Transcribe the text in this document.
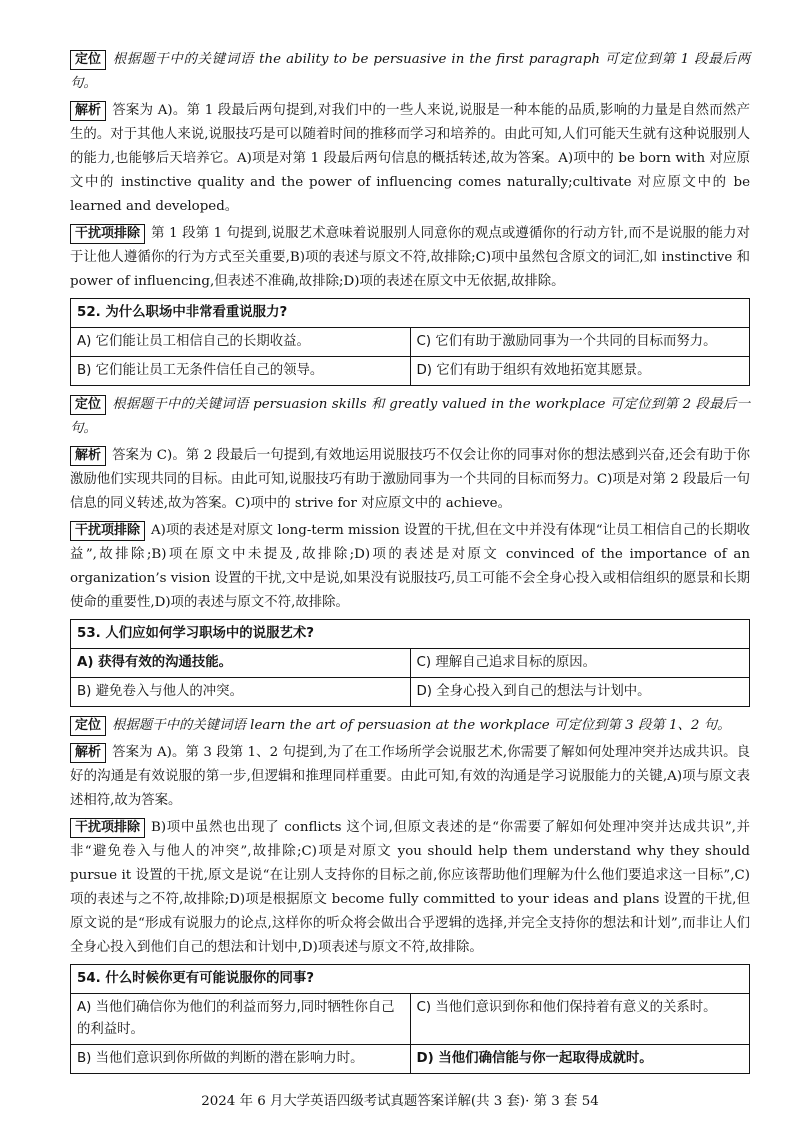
定位 根据题干中的关键词语 the ability to be persuasive in the first paragraph 可定位到第 1 段最后两句。

解析 答案为 A)。第 1 段最后两句提到,对我们中的一些人来说,说服是一种本能的品质,影响的力量是自然而然产生的。对于其他人来说,说服技巧是可以随着时间的推移而学习和培养的。由此可知,人们可能天生就有这种说服别人的能力,也能够后天培养它。A)项是对第 1 段最后两句信息的概括转述,故为答案。A)项中的 be born with 对应原文中的 instinctive quality and the power of influencing comes naturally;cultivate 对应原文中的 be learned and developed。

干扰项排除 第 1 段第 1 句提到,说服艺术意味着说服别人同意你的观点或遵循你的行动方针,而不是说服的能力对于让他人遵循你的行为方式至关重要,B)项的表述与原文不符,故排除;C)项中虽然包含原文的词汇,如 instinctive 和 power of influencing,但表述不准确,故排除;D)项的表述在原文中无依据,故排除。

52. 为什么职场中非常看重说服力?	
A) 它们能让员工相信自己的长期收益。	C) 它们有助于激励同事为一个共同的目标而努力。
B) 它们能让员工无条件信任自己的领导。	D) 它们有助于组织有效地拓宽其愿景。

定位 根据题干中的关键词语 persuasion skills 和 greatly valued in the workplace 可定位到第 2 段最后一句。

解析 答案为 C)。第 2 段最后一句提到,有效地运用说服技巧不仅会让你的同事对你的想法感到兴奋,还会有助于你激励他们实现共同的目标。由此可知,说服技巧有助于激励同事为一个共同的目标而努力。C)项是对第 2 段最后一句信息的同义转述,故为答案。C)项中的 strive for 对应原文中的 achieve。

干扰项排除 A)项的表述是对原文 long-term mission 设置的干扰,但在文中并没有体现“让员工相信自己的长期收益”,故排除;B)项在原文中未提及,故排除;D)项的表述是对原文 convinced of the importance of an organization’s vision 设置的干扰,文中是说,如果没有说服技巧,员工可能不会全身心投入或相信组织的愿景和长期使命的重要性,D)项的表述与原文不符,故排除。

53. 人们应如何学习职场中的说服艺术?	
A) 获得有效的沟通技能。	C) 理解自己追求目标的原因。
B) 避免卷入与他人的冲突。	D) 全身心投入到自己的想法与计划中。

定位 根据题干中的关键词语 learn the art of persuasion at the workplace 可定位到第 3 段第 1、2 句。

解析 答案为 A)。第 3 段第 1、2 句提到,为了在工作场所学会说服艺术,你需要了解如何处理冲突并达成共识。良好的沟通是有效说服的第一步,但逻辑和推理同样重要。由此可知,有效的沟通是学习说服能力的关键,A)项与原文表述相符,故为答案。

干扰项排除 B)项中虽然也出现了 conflicts 这个词,但原文表述的是“你需要了解如何处理冲突并达成共识”,并非“避免卷入与他人的冲突”,故排除;C)项是对原文 you should help them understand why they should pursue it 设置的干扰,原文是说“在让别人支持你的目标之前,你应该帮助他们理解为什么他们要追求这一目标”,C)项的表述与之不符,故排除;D)项是根据原文 become fully committed to your ideas and plans 设置的干扰,但原文说的是“形成有说服力的论点,这样你的听众将会做出合乎逻辑的选择,并完全支持你的想法和计划”,而非让人们全身心投入到他们自己的想法和计划中,D)项表述与原文不符,故排除。

54. 什么时候你更有可能说服你的同事?	
A) 当他们确信你为他们的利益而努力,同时牺牲你自己的利益时。	C) 当他们意识到你和他们保持着有意义的关系时。
B) 当他们意识到你所做的判断的潜在影响力时。	D) 当他们确信能与你一起取得成就时。
2024 年 6 月大学英语四级考试真题答案详解(共 3 套)· 第 3 套 54
